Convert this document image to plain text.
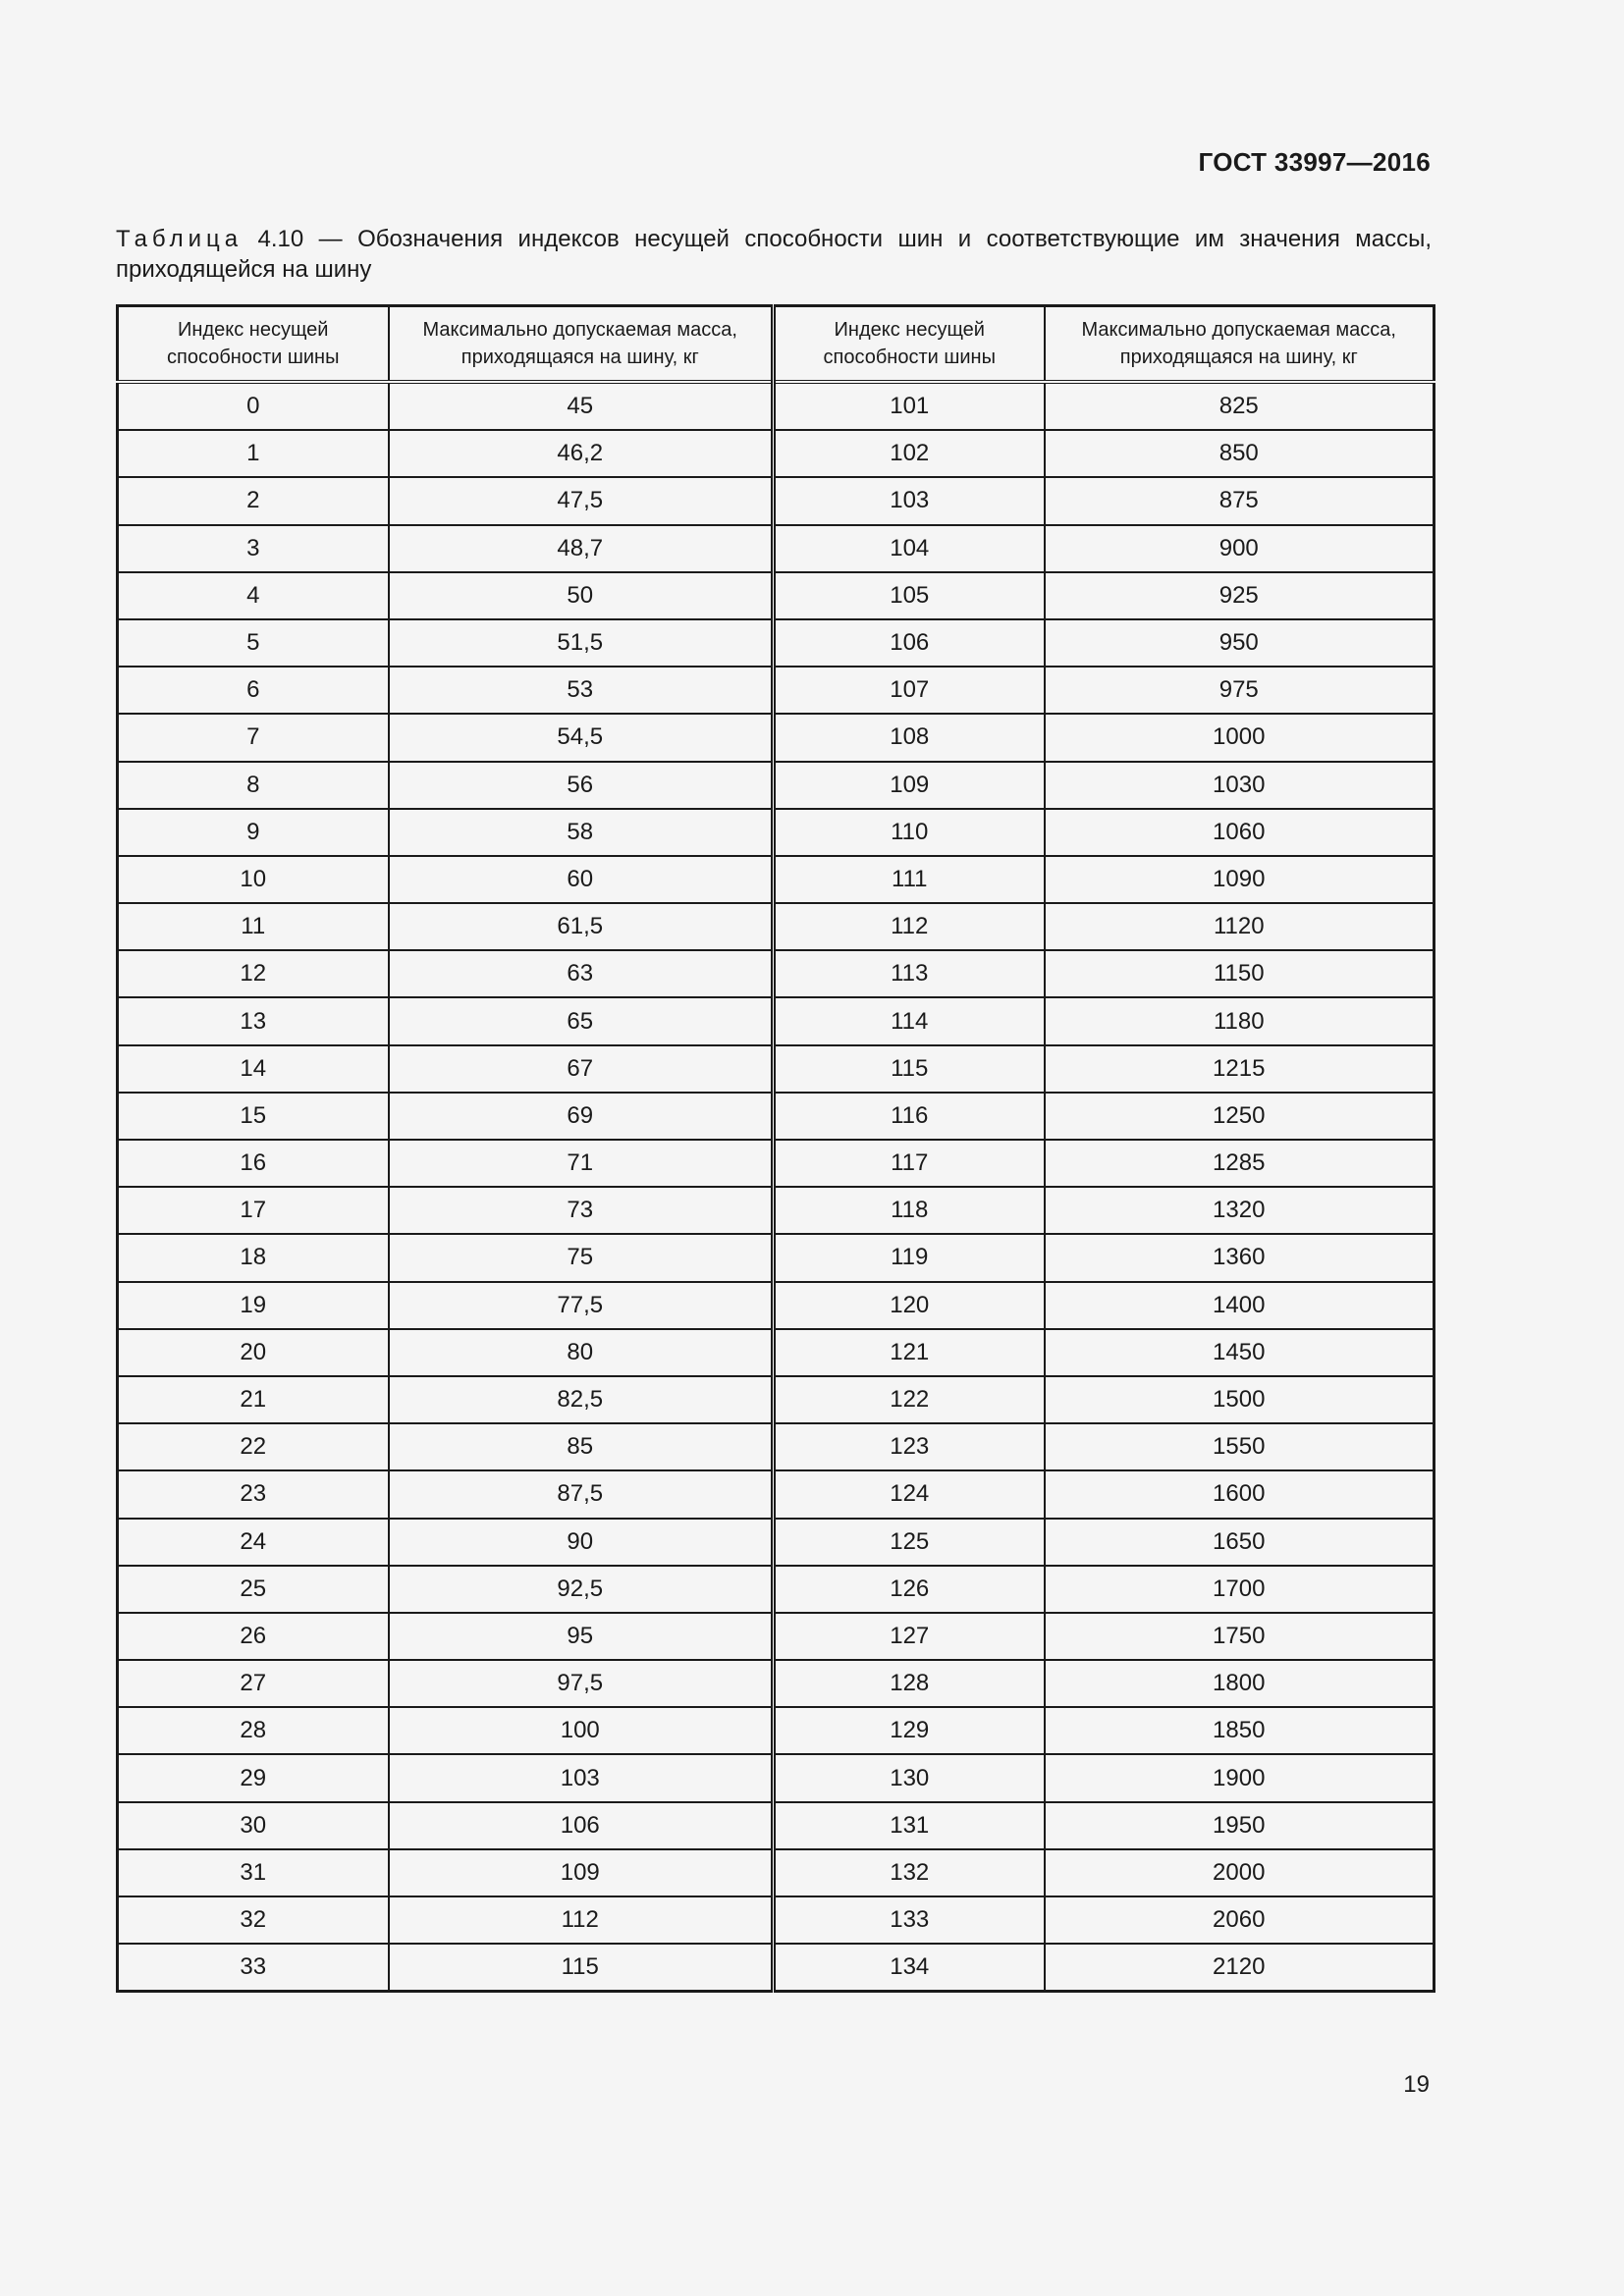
ГОСТ 33997—2016
Таблица 4.10 — Обозначения индексов несущей способности шин и соответствующие им значения массы, приходящейся на шину
Индекс несущей способности шины	Максимально допускаемая масса, приходящаяся на шину, кг	Индекс несущей способности шины	Максимально допускаемая масса, приходящаяся на шину, кг
0	45	101	825
1	46,2	102	850
2	47,5	103	875
3	48,7	104	900
4	50	105	925
5	51,5	106	950
6	53	107	975
7	54,5	108	1000
8	56	109	1030
9	58	110	1060
10	60	111	1090
11	61,5	112	1120
12	63	113	1150
13	65	114	1180
14	67	115	1215
15	69	116	1250
16	71	117	1285
17	73	118	1320
18	75	119	1360
19	77,5	120	1400
20	80	121	1450
21	82,5	122	1500
22	85	123	1550
23	87,5	124	1600
24	90	125	1650
25	92,5	126	1700
26	95	127	1750
27	97,5	128	1800
28	100	129	1850
29	103	130	1900
30	106	131	1950
31	109	132	2000
32	112	133	2060
33	115	134	2120
19
